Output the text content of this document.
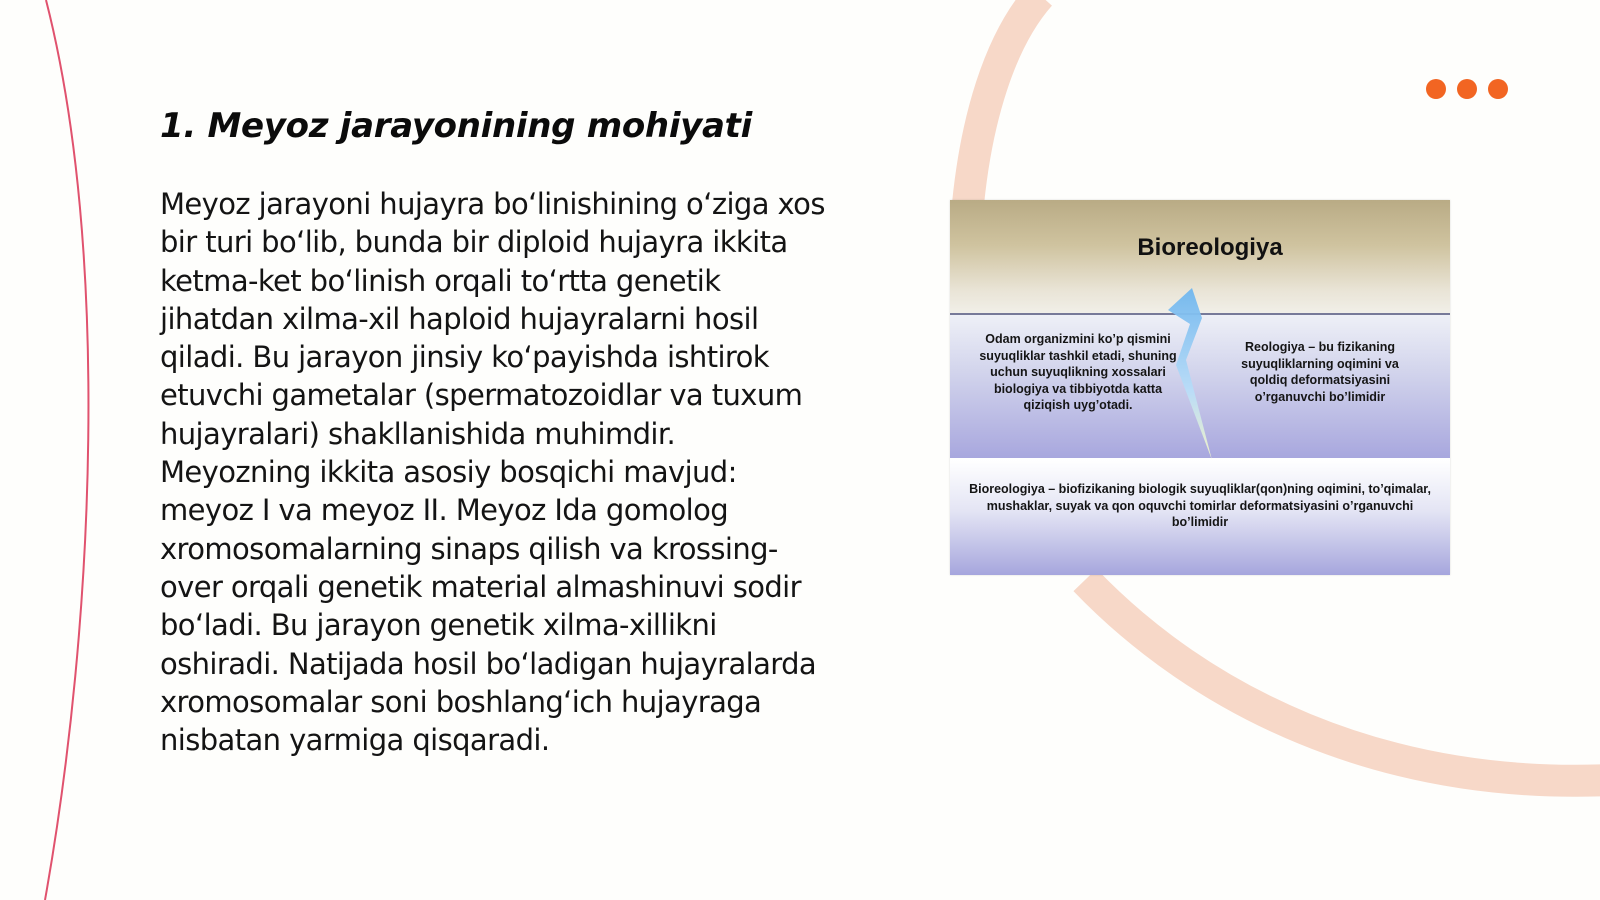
1. Meyoz jarayonining mohiyati

Meyoz jarayoni hujayra bo‘linishining o‘ziga xos bir turi bo‘lib, bunda bir diploid hujayra ikkita ketma-ket bo‘linish orqali to‘rtta genetik jihatdan xilma-xil haploid hujayralarni hosil qiladi. Bu jarayon jinsiy ko‘payishda ishtirok etuvchi gametalar (spermatozoidlar va tuxum hujayralari) shakllanishida muhimdir. Meyozning ikkita asosiy bosqichi mavjud: meyoz I va meyoz II. Meyoz Ida gomolog xromosomalarning sinaps qilish va krossing-over orqali genetik material almashinuvi sodir bo‘ladi. Bu jarayon genetik xilma-xillikni oshiradi. Natijada hosil bo‘ladigan hujayralarda xromosomalar soni boshlang‘ich hujayraga nisbatan yarmiga qisqaradi.

Bioreologiya

Odam organizmini ko’p qismini suyuqliklar tashkil etadi, shuning uchun suyuqlikning xossalari biologiya va tibbiyotda katta qiziqish uyg’otadi.

Reologiya – bu fizikaning suyuqliklarning oqimini va qoldiq deformatsiyasini o’rganuvchi bo’limidir

Bioreologiya – biofizikaning biologik suyuqliklar(qon)ning oqimini, to’qimalar, mushaklar, suyak va qon oquvchi tomirlar deformatsiyasini o’rganuvchi bo’limidir
